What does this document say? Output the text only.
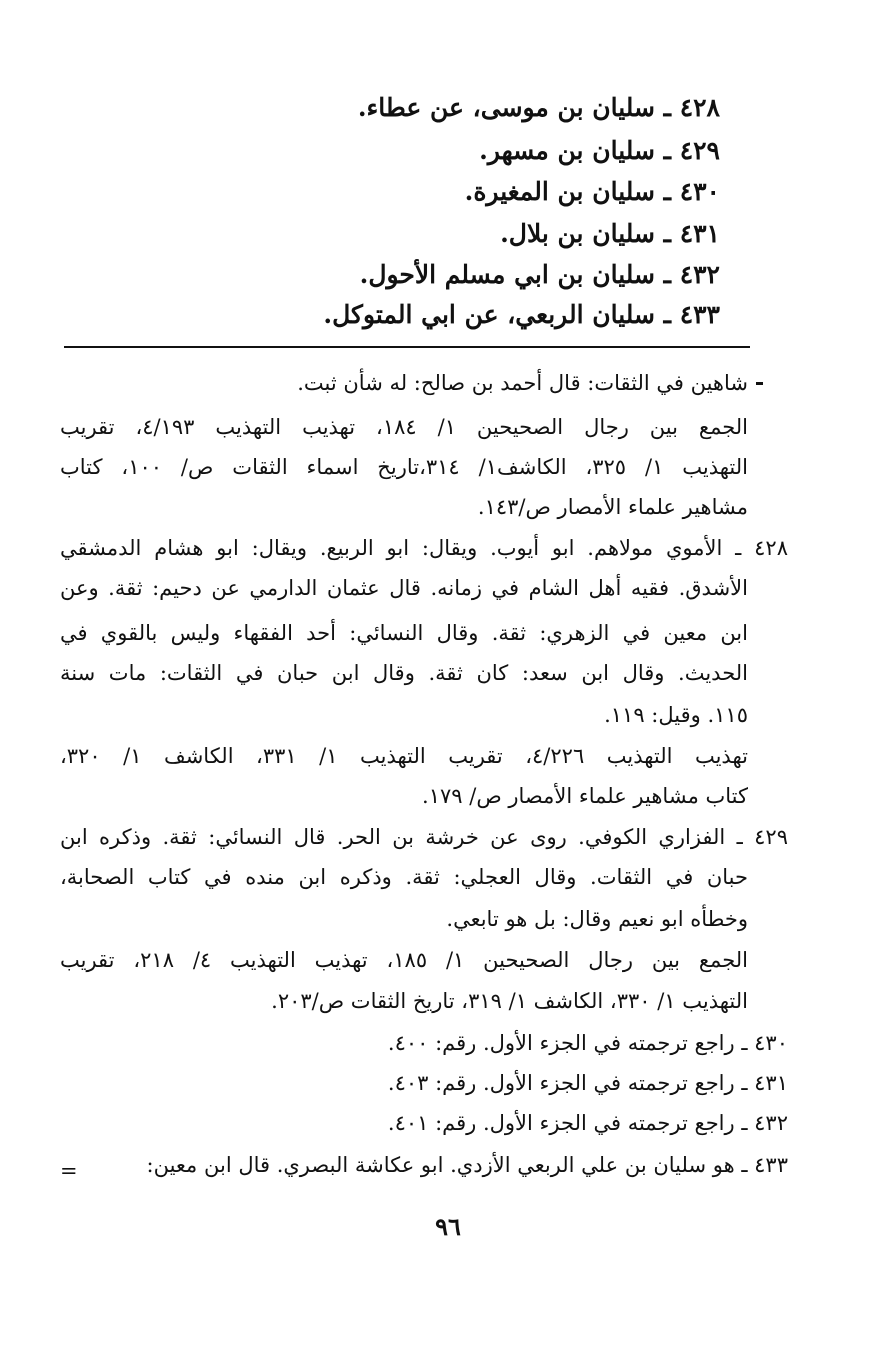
٤٢٨ ـ سليان بن موسى، عن عطاء.
٤٢٩ ـ سليان بن مسهر.
٤٣٠ ـ سليان بن المغيرة.
٤٣١ ـ سليان بن بلال.
٤٣٢ ـ سليان بن ابي مسلم الأحول.
٤٣٣ ـ سليان الربعي، عن ابي المتوكل.
شاهين في الثقات: قال أحمد بن صالح: له شأن ثبت.
الجمع بين رجال الصحيحين ١/ ١٨٤، تهذيب التهذيب ٤/١٩٣، تقريب
التهذيب ١/ ٣٢٥، الكاشف١/ ٣١٤،تاريخ اسماء الثقات ص/ ١٠٠، كتاب
مشاهير علماء الأمصار ص/١٤٣.
٤٢٨ ـ الأموي مولاهم. ابو أيوب. ويقال: ابو الربيع. ويقال: ابو هشام الدمشقي
الأشدق. فقيه أهل الشام في زمانه. قال عثمان الدارمي عن دحيم: ثقة. وعن
ابن معين في الزهري: ثقة. وقال النسائي: أحد الفقهاء وليس بالقوي في
الحديث. وقال ابن سعد: كان ثقة. وقال ابن حبان في الثقات: مات سنة
١١٥. وقيل: ١١٩.
تهذيب التهذيب ٤/٢٢٦، تقريب التهذيب ١/ ٣٣١، الكاشف ١/ ٣٢٠،
كتاب مشاهير علماء الأمصار ص/ ١٧٩.
٤٢٩ ـ الفزاري الكوفي. روى عن خرشة بن الحر. قال النسائي: ثقة. وذكره ابن
حبان في الثقات. وقال العجلي: ثقة. وذكره ابن منده في كتاب الصحابة،
وخطأه ابو نعيم وقال: بل هو تابعي.
الجمع بين رجال الصحيحين ١/ ١٨٥، تهذيب التهذيب ٤/ ٢١٨، تقريب
التهذيب ١/ ٣٣٠، الكاشف ١/ ٣١٩، تاريخ الثقات ص/٢٠٣.
٤٣٠ ـ راجع ترجمته في الجزء الأول. رقم: ٤٠٠.
٤٣١ ـ راجع ترجمته في الجزء الأول. رقم: ٤٠٣.
٤٣٢ ـ راجع ترجمته في الجزء الأول. رقم: ٤٠١.
٤٣٣ ـ هو سليان بن علي الربعي الأزدي. ابو عكاشة البصري. قال ابن معين:
=
٩٦
